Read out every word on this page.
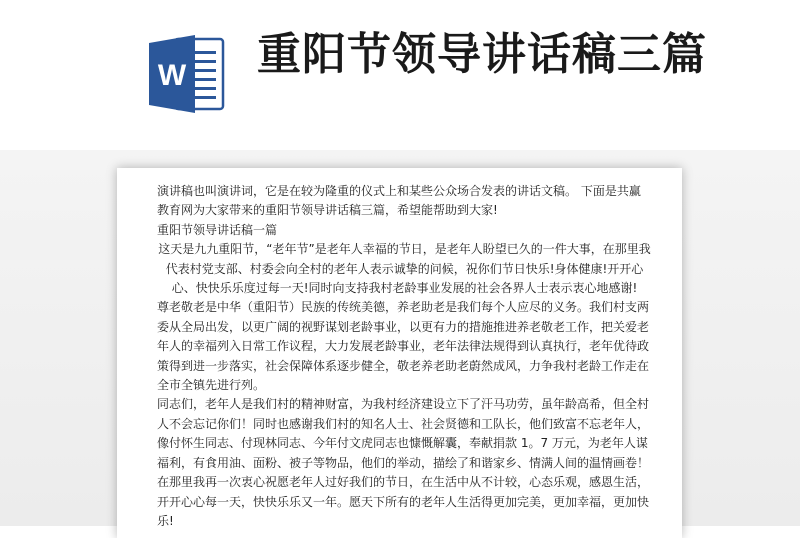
W 重阳节领导讲话稿三篇

演讲稿也叫演讲词，它是在较为隆重的仪式上和某些公众场合发表的讲话文稿。 下面是共赢教育网为大家带来的重阳节领导讲话稿三篇，希望能帮助到大家!

重阳节领导讲话稿一篇

这天是九九重阳节，“老年节”是老年人幸福的节日，是老年人盼望已久的一件大事，在那里我代表村党支部、村委会向全村的老年人表示诚挚的问候，祝你们节日快乐!身体健康!开开心心、快快乐乐度过每一天!同时向支持我村老龄事业发展的社会各界人士表示衷心地感谢!

尊老敬老是中华（重阳节）民族的传统美德，养老助老是我们每个人应尽的义务。我们村支两委从全局出发，以更广阔的视野谋划老龄事业，以更有力的措施推进养老敬老工作，把关爱老年人的幸福列入日常工作议程，大力发展老龄事业，老年法律法规得到认真执行，老年优待政策得到进一步落实，社会保障体系逐步健全，敬老养老助老蔚然成风，力争我村老龄工作走在全市全镇先进行列。

同志们，老年人是我们村的精神财富，为我村经济建设立下了汗马功劳，虽年龄高希，但全村人不会忘记你们！同时也感谢我们村的知名人士、社会贤德和工队长，他们致富不忘老年人，像付怀生同志、付现林同志、今年付文虎同志也慷慨解囊，奉献捐款 1。7 万元，为老年人谋福利，有食用油、面粉、被子等物品，他们的举动，描绘了和谐家乡、情满人间的温情画卷！在那里我再一次衷心祝愿老年人过好我们的节日，在生活中从不计较，心态乐观，感恩生活，开开心心每一天，快快乐乐又一年。愿天下所有的老年人生活得更加完美，更加幸福，更加快乐!
